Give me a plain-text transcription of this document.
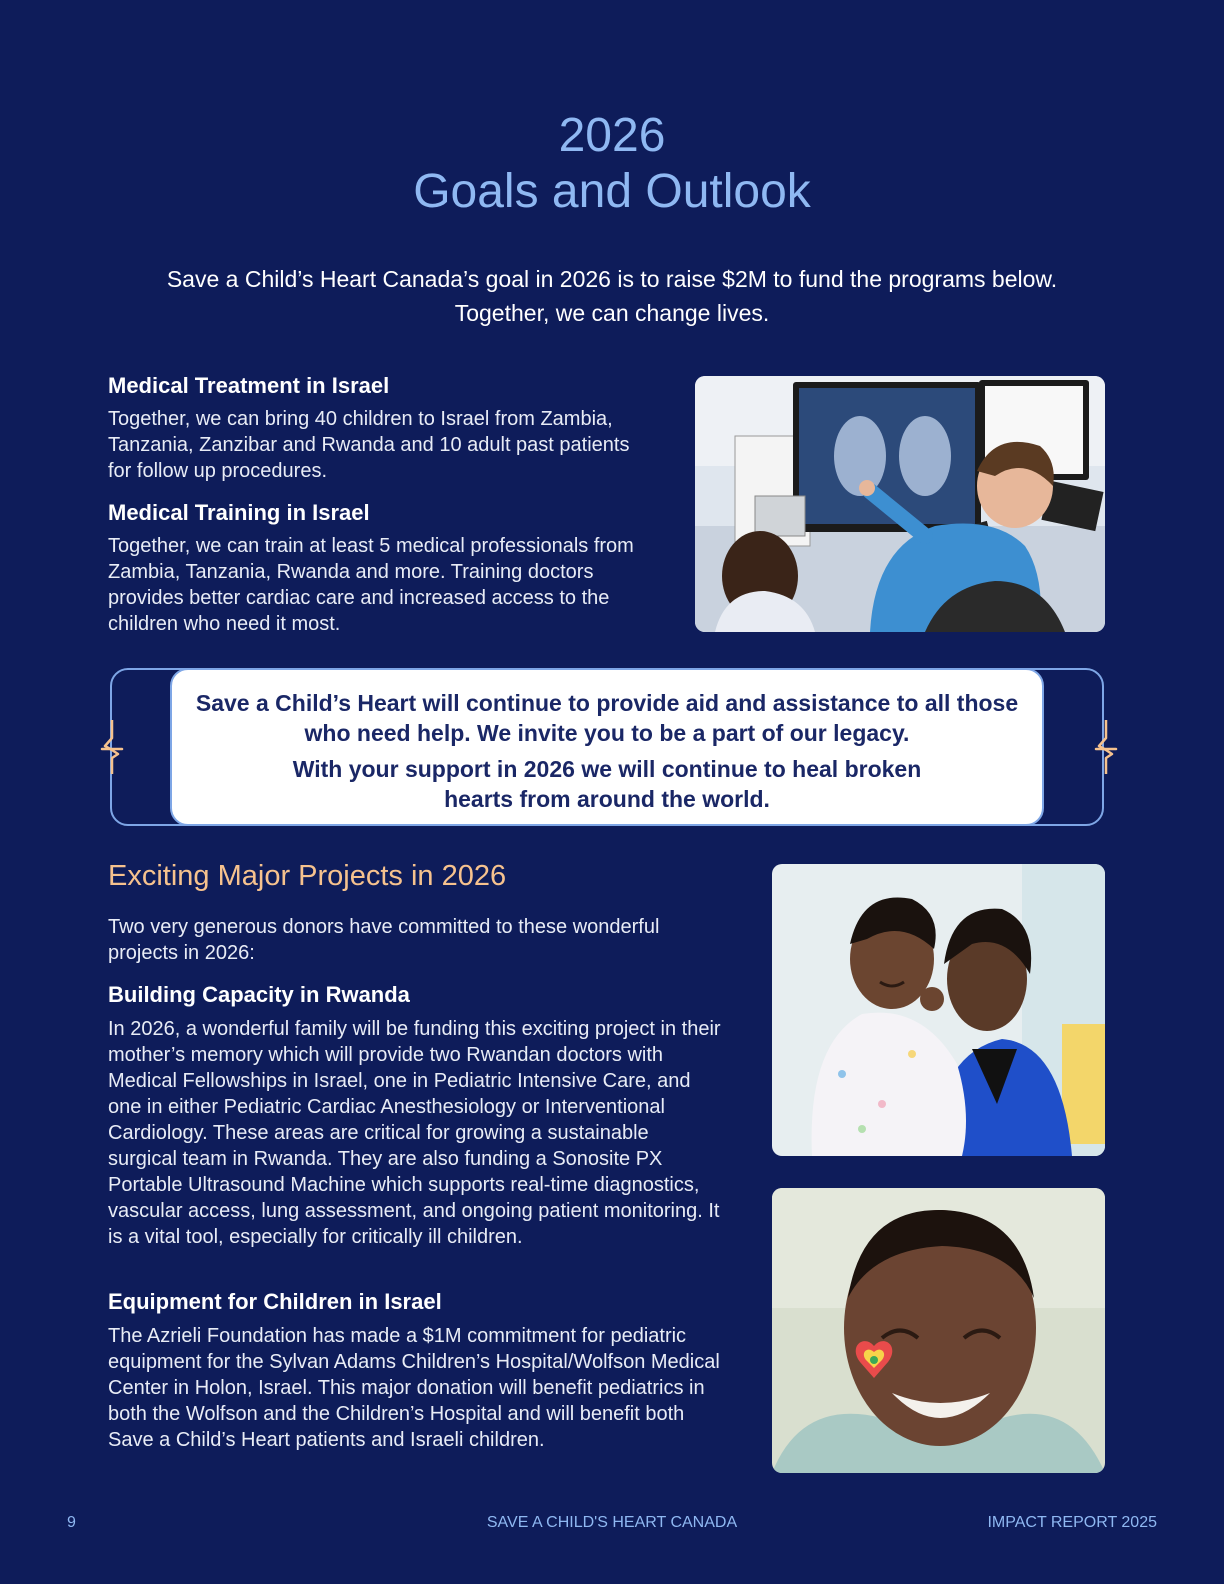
2026
Goals and Outlook

Save a Child’s Heart Canada’s goal in 2026 is to raise $2M to fund the programs below. Together, we can change lives.

Medical Treatment in Israel

Together, we can bring 40 children to Israel from Zambia, Tanzania, Zanzibar and Rwanda and 10 adult past patients for follow up procedures.

Medical Training in Israel

Together, we can train at least 5 medical professionals from Zambia, Tanzania, Rwanda and more. Training doctors provides better cardiac care and increased access to the children who need it most.

Save a Child’s Heart will continue to provide aid and assistance to all those who need help. We invite you to be a part of our legacy.

With your support in 2026 we will continue to heal broken hearts from around the world.

Exciting Major Projects in 2026

Two very generous donors have committed to these wonderful projects in 2026:

Building Capacity in Rwanda

In 2026, a wonderful family will be funding this exciting project in their mother’s memory which will provide two Rwandan doctors with Medical Fellowships in Israel, one in Pediatric Intensive Care, and one in either Pediatric Cardiac Anesthesiology or Interventional Cardiology. These areas are critical for growing a sustainable surgical team in Rwanda. They are also funding a Sonosite PX Portable Ultrasound Machine which supports real-time diagnostics, vascular access, lung assessment, and ongoing patient monitoring. It is a vital tool, especially for critically ill children.

Equipment for Children in Israel

The Azrieli Foundation has made a $1M commitment for pediatric equipment for the Sylvan Adams Children’s Hospital/Wolfson Medical Center in Holon, Israel. This major donation will benefit pediatrics in both the Wolfson and the Children’s Hospital and will benefit both Save a Child’s Heart patients and Israeli children.

9	SAVE A CHILD'S HEART CANADA	IMPACT REPORT 2025
